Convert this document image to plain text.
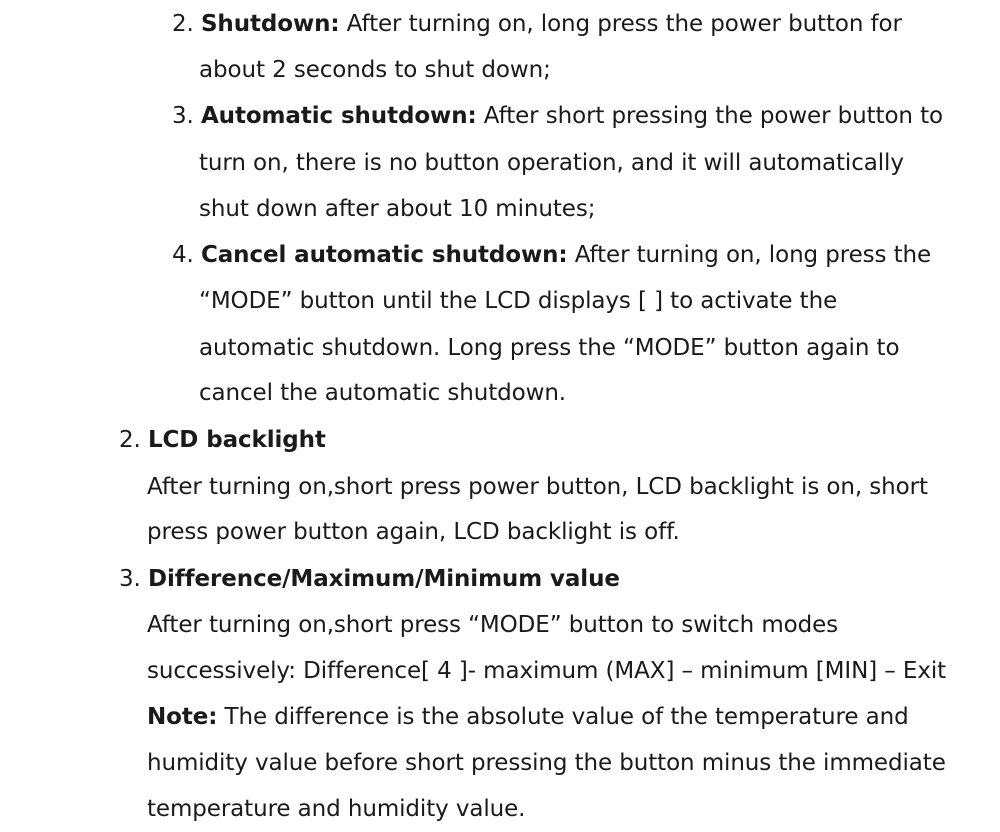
2. Shutdown: After turning on, long press the power button for
about 2 seconds to shut down;
3. Automatic shutdown: After short pressing the power button to
turn on, there is no button operation, and it will automatically
shut down after about 10 minutes;
4. Cancel automatic shutdown: After turning on, long press the
“MODE” button until the LCD displays [ ] to activate the
automatic shutdown. Long press the “MODE” button again to
cancel the automatic shutdown.
2. LCD backlight
After turning on,short press power button, LCD backlight is on, short
press power button again, LCD backlight is off.
3. Difference/Maximum/Minimum value
After turning on,short press “MODE” button to switch modes
successively: Difference[ 4 ]- maximum (MAX] – minimum [MIN] – Exit
Note: The difference is the absolute value of the temperature and
humidity value before short pressing the button minus the immediate
temperature and humidity value.
